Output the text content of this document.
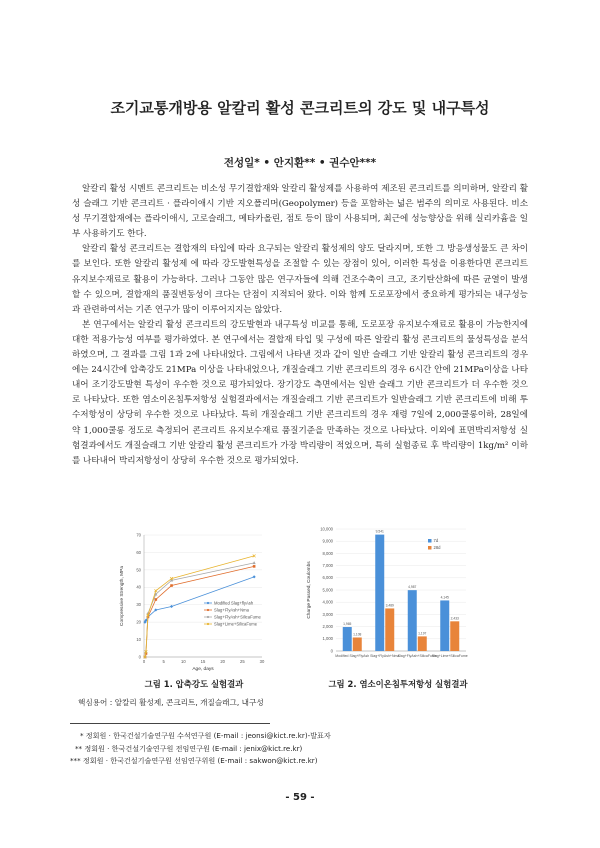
조기교통개방용 알칼리 활성 콘크리트의 강도 및 내구특성
전성일* • 안지환** • 권수안***

알칼리 활성 시멘트 콘크리트는 비소성 무기결합재와 알칼리 활성제를 사용하여 제조된 콘크리트를 의미하며, 알칼리 활성 슬래그 기반 콘크리트 · 플라이애시 기반 지오폴리머(Geopolymer) 등을 포함하는 넓은 범주의 의미로 사용된다. 비소성 무기결합재에는 플라이애시, 고로슬래그, 메타카올린, 점토 등이 많이 사용되며, 최근에 성능향상을 위해 실리카흄을 일부 사용하기도 한다.

알칼리 활성 콘크리트는 결합재의 타입에 따라 요구되는 알칼리 활성제의 양도 달라지며, 또한 그 방응생성물도 큰 차이를 보인다. 또한 알칼리 활성제 에 따라 강도발현특성을 조절할 수 있는 장점이 있어, 이러한 특성을 이용한다면 콘크리트 유지보수재료로 활용이 가능하다. 그러나 그동안 많은 연구자들에 의해 건조수축이 크고, 조기탄산화에 따른 균열이 발생할 수 있으며, 결합재의 품질변동성이 크다는 단점이 지적되어 왔다. 이와 함께 도로포장에서 중요하게 평가되는 내구성능과 관련하여서는 기존 연구가 많이 이루어지지는 않았다.

본 연구에서는 알칼리 활성 콘크리트의 강도발현과 내구특성 비교를 통해, 도로포장 유지보수재료로 활용이 가능한지에 대한 적용가능성 여부를 평가하였다. 본 연구에서는 결합재 타입 및 구성에 따른 알칼리 활성 콘크리트의 물성특성을 분석하였으며, 그 결과를 그림 1과 2에 나타내었다. 그림에서 나타낸 것과 같이 일반 슬래그 기반 알칼리 활성 콘크리트의 경우에는 24시간에 압축강도 21MPa 이상을 나타내었으나, 개질슬래그 기반 콘크리트의 경우 6시간 안에 21MPa이상을 나타내어 조기강도발현 특성이 우수한 것으로 평가되었다. 장기강도 측면에서는 일반 슬래그 기반 콘크리트가 더 우수한 것으로 나타났다. 또한 염소이온침투저항성 실험결과에서는 개질슬래그 기반 콘크리트가 일반슬래그 기반 콘크리트에 비해 투수저항성이 상당히 우수한 것으로 나타났다. 특히 개질슬래그 기반 콘크리트의 경우 재령 7일에 2,000쿨롱이하, 28일에 약 1,000쿨롱 정도로 측정되어 콘크리트 유지보수재료 품질기준을 만족하는 것으로 나타났다. 이외에 표면박리저항성 실험결과에서도 개질슬래그 기반 알칼리 활성 콘크리트가 가장 박리량이 적었으며, 특히 실험종료 후 박리량이 1kg/m² 이하를 나타내어 박리저항성이 상당히 우수한 것으로 평가되었다.

0
10
20
30
40
50
60
70
0	5	10	15	20	25	30
Age, days
Compressive Strength, MPa	Modified Slag+flyAsh
Slag+FlyAsh+Nma
Slag+FlyAsh+SilicaFume
Slag+Lime+SilicaFume
0
1,000
2,000
3,000
4,000
5,000
6,000
7,000
8,000
9,000
10,000
Charge Passed, Coulombs
1,965
1,108
Modified Slag+FlyAsh
9,541
3,489
Slag+FlyAsh+Nma
4,987
1,197
Slag+FlyAsh+SilicaFume
4,145
2,433
Slag+Lime+SilicaFume
7d
28d
그림 1. 압축강도 실험결과	그림 2. 염소이온침투저항성 실험결과
핵심용어 : 알칼리 활성제, 콘크리트, 개질슬래그, 내구성
* 정회원 · 한국건설기술연구원 수석연구원 (E-mail : jeonsi@kict.re.kr)-발표자
** 정회원 · 한국건설기술연구원 전임연구원 (E-mail : jenix@kict.re.kr)
*** 정회원 · 한국건설기술연구원 선임연구위원 (E-mail : sakwon@kict.re.kr)
- 59 -
